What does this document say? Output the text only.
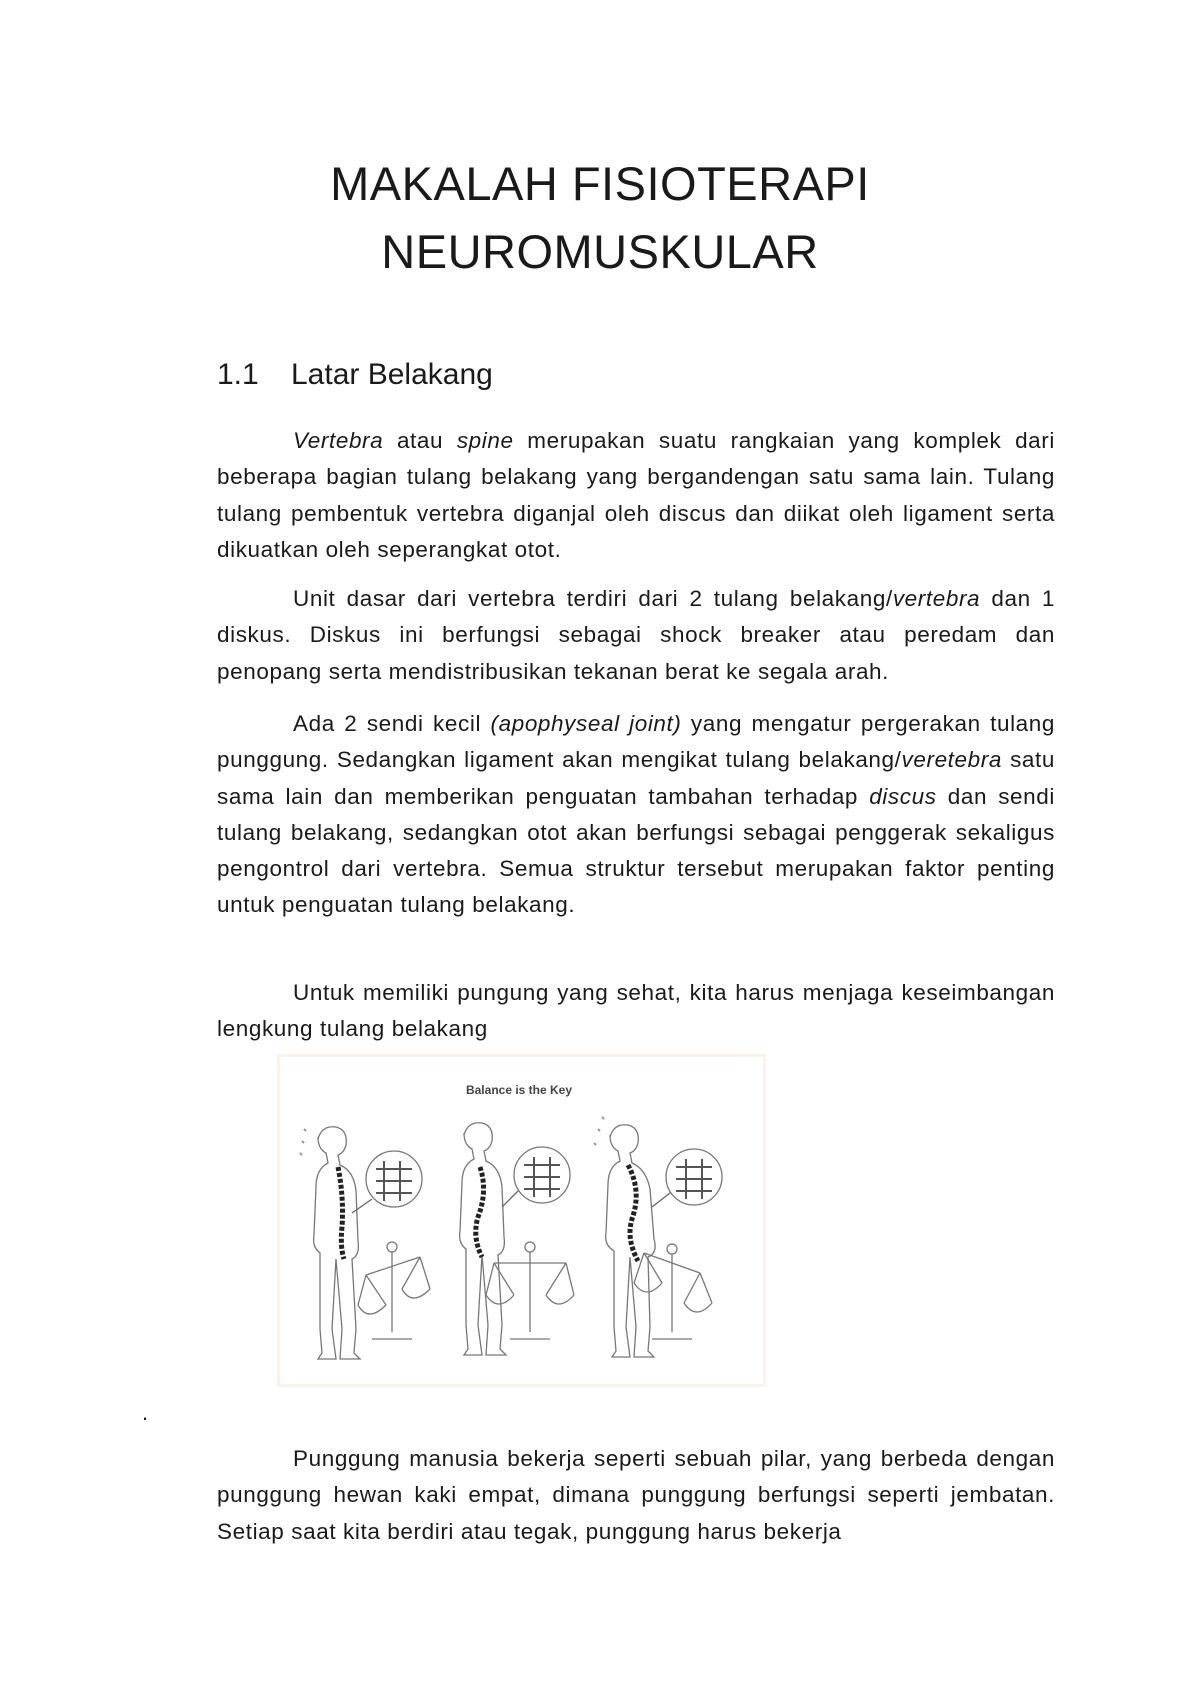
MAKALAH FISIOTERAPI
NEUROMUSKULAR
1.1 Latar Belakang

Vertebra atau spine merupakan suatu rangkaian yang komplek dari beberapa bagian tulang belakang yang bergandengan satu sama lain. Tulang tulang pembentuk vertebra diganjal oleh discus dan diikat oleh ligament serta dikuatkan oleh seperangkat otot.

Unit dasar dari vertebra terdiri dari 2 tulang belakang/vertebra dan 1 diskus. Diskus ini berfungsi sebagai shock breaker atau peredam dan penopang serta mendistribusikan tekanan berat ke segala arah.

Ada 2 sendi kecil (apophyseal joint) yang mengatur pergerakan tulang punggung. Sedangkan ligament akan mengikat tulang belakang/veretebra satu sama lain dan memberikan penguatan tambahan terhadap discus dan sendi tulang belakang, sedangkan otot akan berfungsi sebagai penggerak sekaligus pengontrol dari vertebra. Semua struktur tersebut merupakan faktor penting untuk penguatan tulang belakang.

Untuk memiliki pungung yang sehat, kita harus menjaga keseimbangan lengkung tulang belakang

Balance is the Key
.

Punggung manusia bekerja seperti sebuah pilar, yang berbeda dengan punggung hewan kaki empat, dimana punggung berfungsi seperti jembatan. Setiap saat kita berdiri atau tegak, punggung harus bekerja
